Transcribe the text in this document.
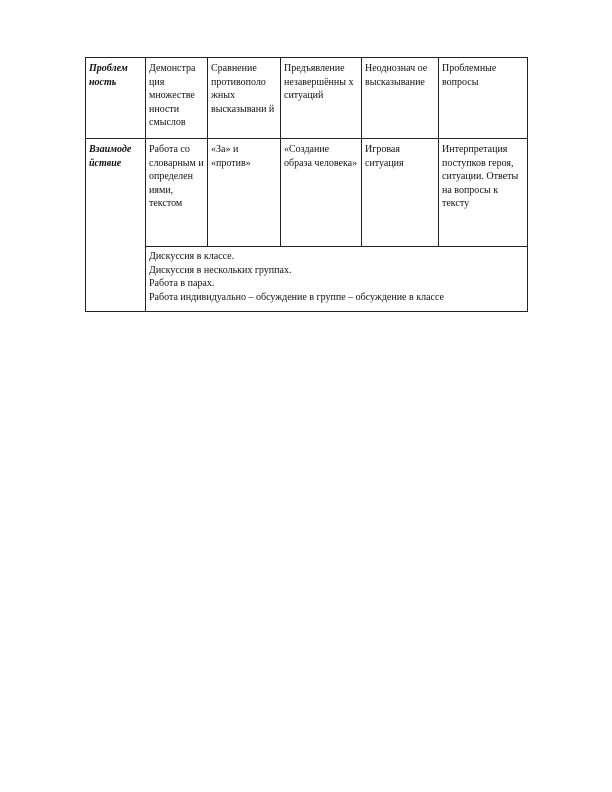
Проблем ность	Демонстра ция множестве нности смыслов	Сравнение противополо жных высказывани й	Предъявление незавершённы х ситуаций	Неоднознач ое высказывание	Проблемные вопросы

Взаимоде йствие	Работа со словарным и определен иями, текстом	«За» и «против»	«Создание образа человека»	Игровая ситуация	Интерпретация поступков героя, ситуации. Ответы на вопросы к тексту

	Дискуссия в классе.
Дискуссия в нескольких группах.
Работа в парах.
Работа индивидуально – обсуждение в группе – обсуждение в классе				
